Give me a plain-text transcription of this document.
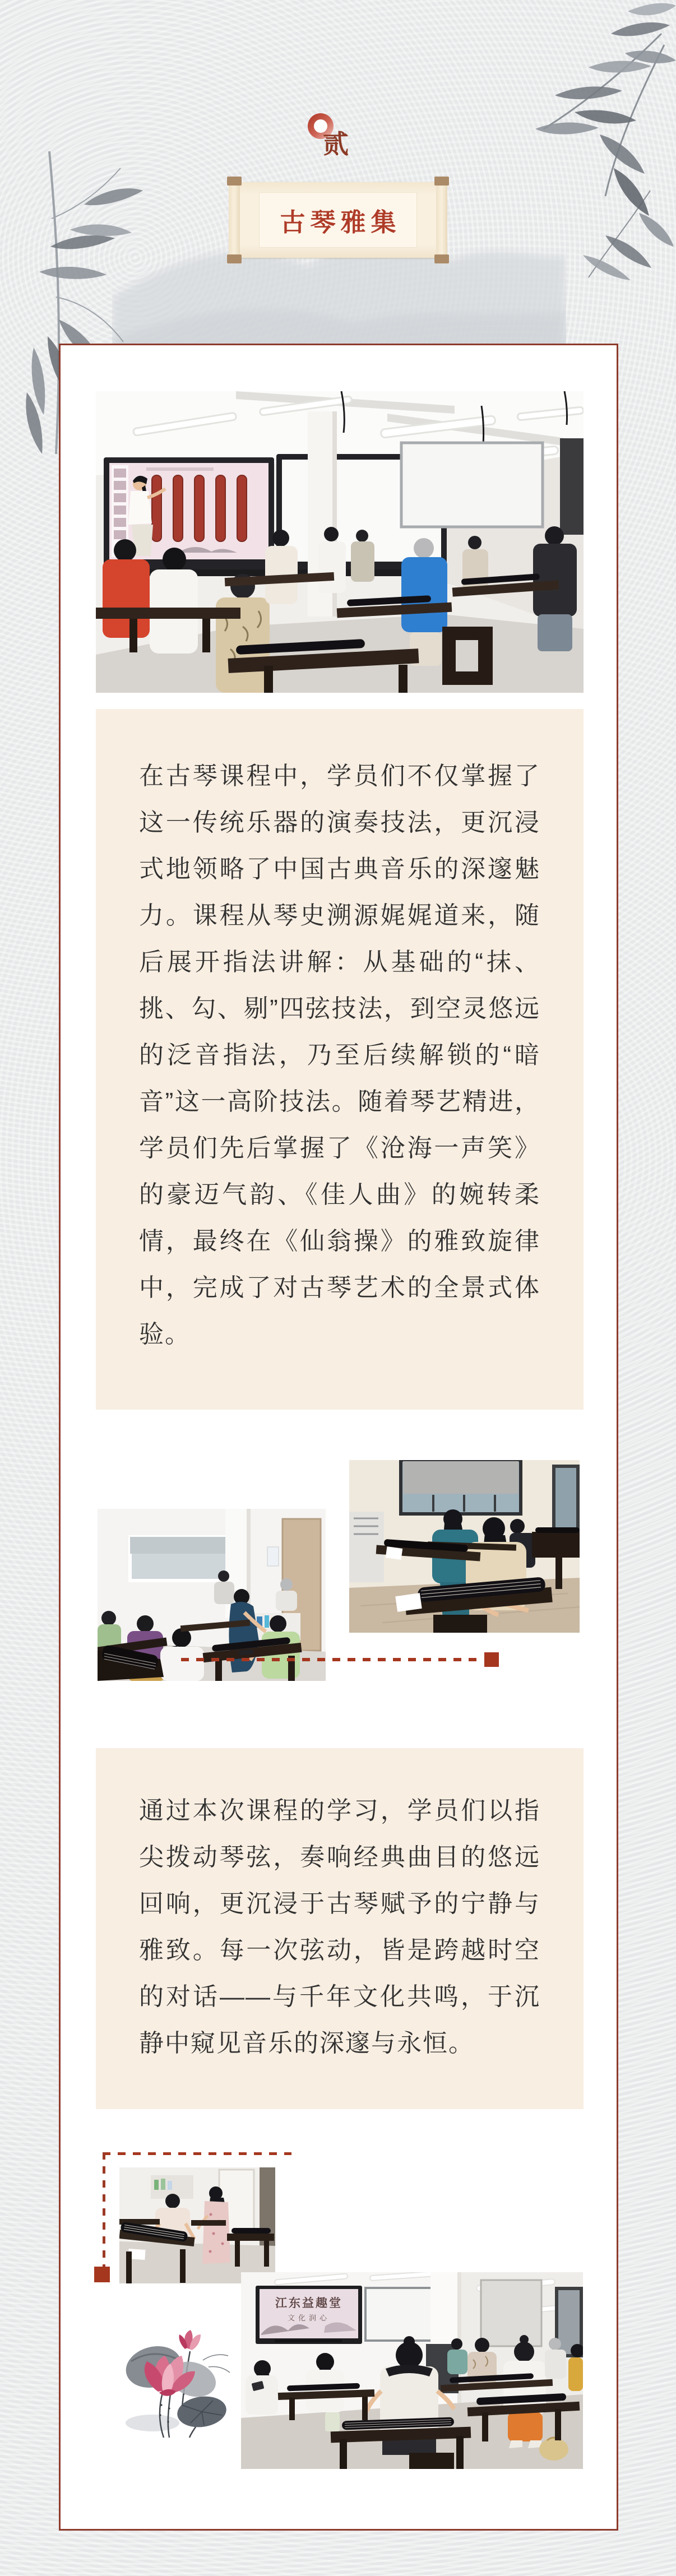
贰
古琴雅集

在古琴课程中，学员们不仅掌握了这一传统乐器的演奏技法，更沉浸式地领略了中国古典音乐的深邃魅力。课程从琴史溯源娓娓道来，随后展开指法讲解：从基础的“抹、挑、勾、剔”四弦技法，到空灵悠远的泛音指法，乃至后续解锁的“暗音”这一高阶技法。随着琴艺精进，学员们先后掌握了《沧海一声笑》的豪迈气韵、《佳人曲》的婉转柔情，最终在《仙翁操》的雅致旋律中，完成了对古琴艺术的全景式体验。

通过本次课程的学习，学员们以指尖拨动琴弦，奏响经典曲目的悠远回响，更沉浸于古琴赋予的宁静与雅致。每一次弦动，皆是跨越时空的对话——与千年文化共鸣，于沉静中窥见音乐的深邃与永恒。

江东益趣堂
文化润心
